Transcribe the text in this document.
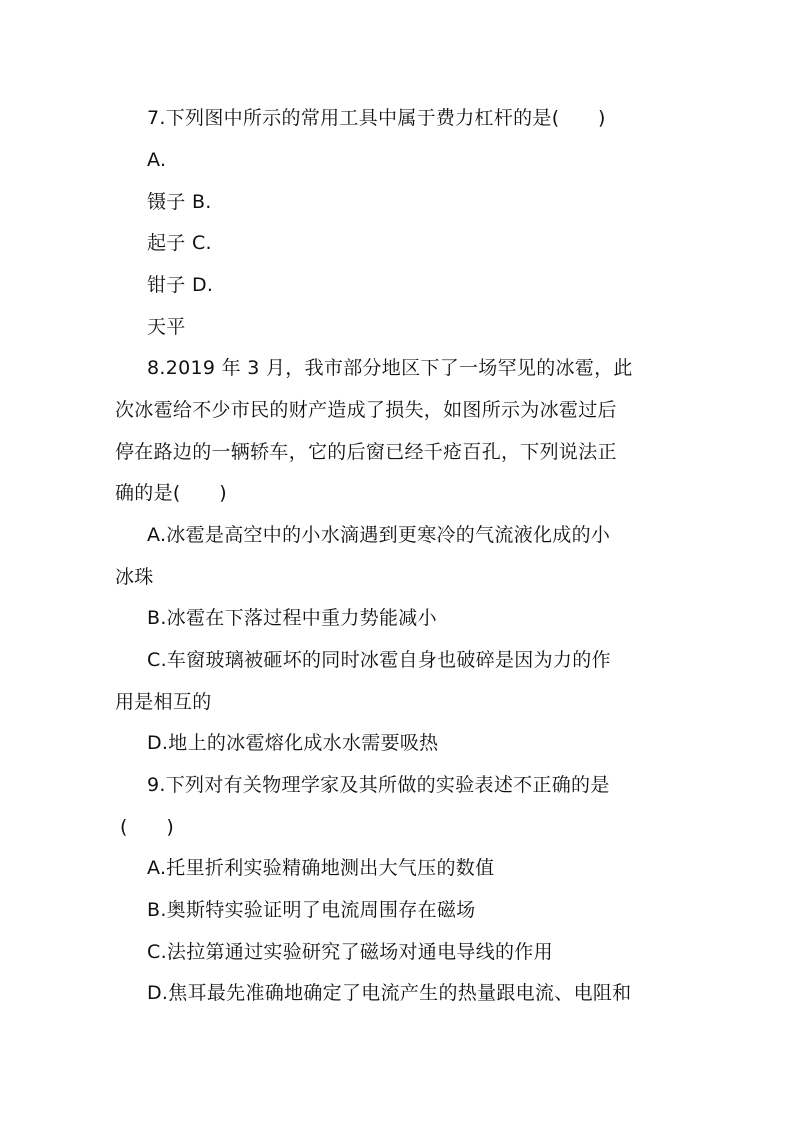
7.下列图中所示的常用工具中属于费力杠杆的是(　　)
A.
镊子 B.
起子 C.
钳子 D.
天平
8.2019 年 3 月，我市部分地区下了一场罕见的冰雹，此
次冰雹给不少市民的财产造成了损失，如图所示为冰雹过后
停在路边的一辆轿车，它的后窗已经千疮百孔，下列说法正
确的是(　　)
A.冰雹是高空中的小水滴遇到更寒冷的气流液化成的小
冰珠
B.冰雹在下落过程中重力势能减小
C.车窗玻璃被砸坏的同时冰雹自身也破碎是因为力的作
用是相互的
D.地上的冰雹熔化成水水需要吸热
9.下列对有关物理学家及其所做的实验表述不正确的是
(　　)
A.托里折利实验精确地测出大气压的数值
B.奥斯特实验证明了电流周围存在磁场
C.法拉第通过实验研究了磁场对通电导线的作用
D.焦耳最先准确地确定了电流产生的热量跟电流、电阻和
